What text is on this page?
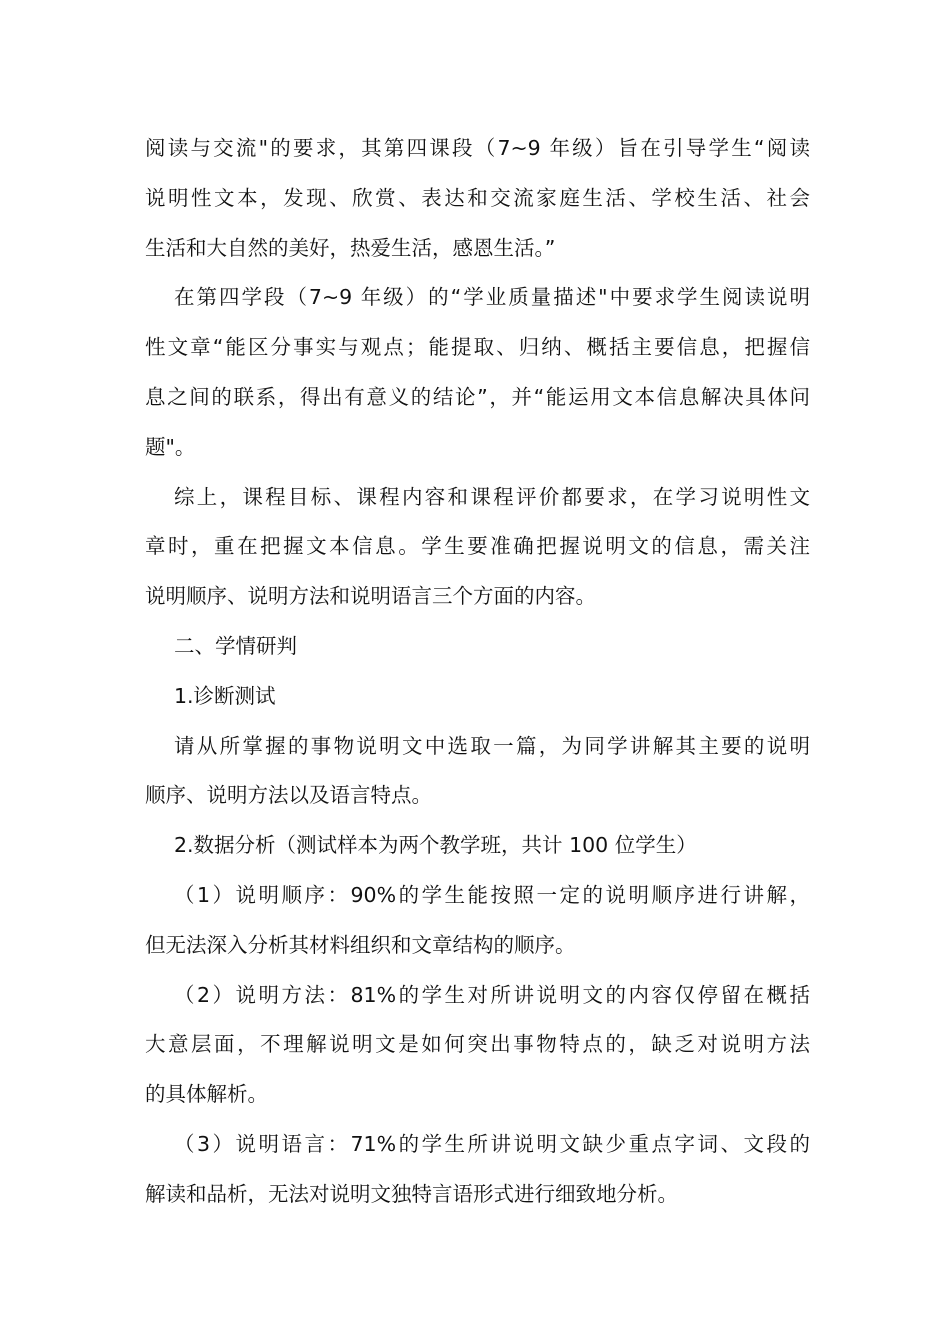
阅读与交流"的要求，其第四课段（7~9 年级）旨在引导学生“阅读
说明性文本，发现、欣赏、表达和交流家庭生活、学校生活、社会
生活和大自然的美好，热爱生活，感恩生活。”

在第四学段（7~9 年级）的“学业质量描述"中要求学生阅读说明
性文章“能区分事实与观点；能提取、归纳、概括主要信息，把握信
息之间的联系，得出有意义的结论”，并“能运用文本信息解决具体问
题"。

综上，课程目标、课程内容和课程评价都要求，在学习说明性文
章时，重在把握文本信息。学生要准确把握说明文的信息，需关注
说明顺序、说明方法和说明语言三个方面的内容。

二、学情研判

1.诊断测试

请从所掌握的事物说明文中选取一篇，为同学讲解其主要的说明
顺序、说明方法以及语言特点。

2.数据分析（测试样本为两个教学班，共计 100 位学生）

（1）说明顺序：90%的学生能按照一定的说明顺序进行讲解，
但无法深入分析其材料组织和文章结构的顺序。

（2）说明方法：81%的学生对所讲说明文的内容仅停留在概括
大意层面，不理解说明文是如何突出事物特点的，缺乏对说明方法
的具体解析。

（3）说明语言：71%的学生所讲说明文缺少重点字词、文段的
解读和品析，无法对说明文独特言语形式进行细致地分析。
